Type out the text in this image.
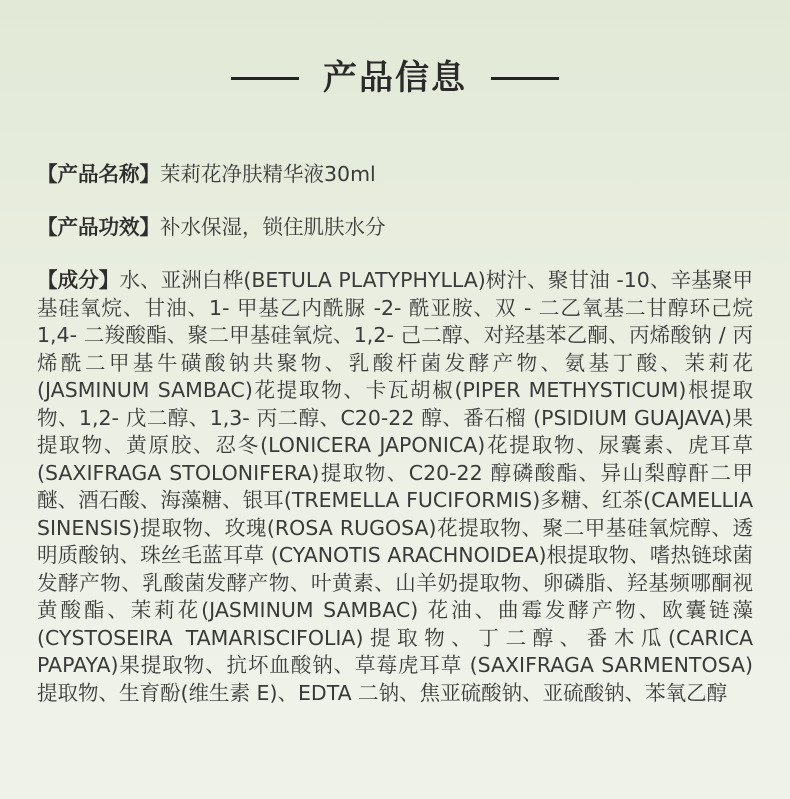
产品信息
【产品名称】茉莉花净肤精华液30ml
【产品功效】补水保湿，锁住肌肤水分
【成分】水、亚洲白桦(BETULA PLATYPHYLLA)树汁、聚甘油 -10、辛基聚甲基硅氧烷、甘油、1- 甲基乙内酰脲 -2- 酰亚胺、双 - 二乙氧基二甘醇环己烷 1,4- 二羧酸酯、聚二甲基硅氧烷、1,2- 己二醇、对羟基苯乙酮、丙烯酸钠 / 丙烯酰二甲基牛磺酸钠共聚物、乳酸杆菌发酵产物、氨基丁酸、茉莉花(JASMINUM SAMBAC)花提取物、卡瓦胡椒(PIPER METHYSTICUM)根提取物、1,2- 戊二醇、1,3- 丙二醇、C20-22 醇、番石榴 (PSIDIUM GUAJAVA)果提取物、黄原胶、忍冬(LONICERA JAPONICA)花提取物、尿囊素、虎耳草(SAXIFRAGA STOLONIFERA)提取物、C20-22 醇磷酸酯、异山梨醇酐二甲醚、酒石酸、海藻糖、银耳(TREMELLA FUCIFORMIS)多糖、红茶(CAMELLIA SINENSIS)提取物、玫瑰(ROSA RUGOSA)花提取物、聚二甲基硅氧烷醇、透明质酸钠、珠丝毛蓝耳草 (CYANOTIS ARACHNOIDEA)根提取物、嗜热链球菌发酵产物、乳酸菌发酵产物、叶黄素、山羊奶提取物、卵磷脂、羟基频哪酮视黄酸酯、茉莉花(JASMINUM SAMBAC) 花油、曲霉发酵产物、欧囊链藻 (CYSTOSEIRA TAMARISCIFOLIA)提取物、丁二醇、番木瓜(CARICA PAPAYA)果提取物、抗坏血酸钠、草莓虎耳草 (SAXIFRAGA SARMENTOSA) 提取物、生育酚(维生素 E)、EDTA 二钠、焦亚硫酸钠、亚硫酸钠、苯氧乙醇
